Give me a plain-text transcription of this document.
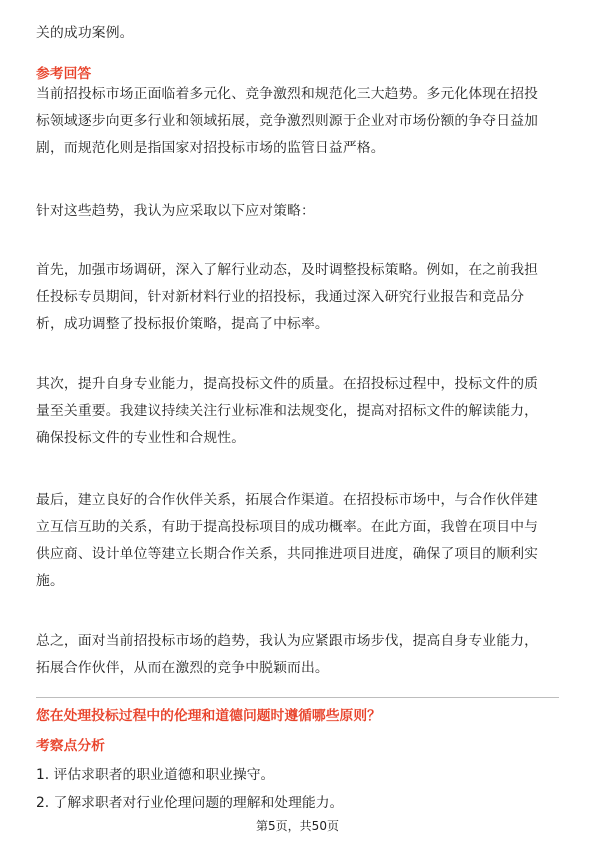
关的成功案例。

参考回答

当前招投标市场正面临着多元化、竞争激烈和规范化三大趋势。多元化体现在招投
标领域逐步向更多行业和领域拓展，竞争激烈则源于企业对市场份额的争夺日益加
剧，而规范化则是指国家对招投标市场的监管日益严格。

针对这些趋势，我认为应采取以下应对策略：

首先，加强市场调研，深入了解行业动态，及时调整投标策略。例如，在之前我担
任投标专员期间，针对新材料行业的招投标，我通过深入研究行业报告和竞品分
析，成功调整了投标报价策略，提高了中标率。

其次，提升自身专业能力，提高投标文件的质量。在招投标过程中，投标文件的质
量至关重要。我建议持续关注行业标准和法规变化，提高对招标文件的解读能力，
确保投标文件的专业性和合规性。

最后，建立良好的合作伙伴关系，拓展合作渠道。在招投标市场中，与合作伙伴建
立互信互助的关系，有助于提高投标项目的成功概率。在此方面，我曾在项目中与
供应商、设计单位等建立长期合作关系，共同推进项目进度，确保了项目的顺利实
施。

总之，面对当前招投标市场的趋势，我认为应紧跟市场步伐，提高自身专业能力，
拓展合作伙伴，从而在激烈的竞争中脱颖而出。

您在处理投标过程中的伦理和道德问题时遵循哪些原则？

考察点分析

1. 评估求职者的职业道德和职业操守。

2. 了解求职者对行业伦理问题的理解和处理能力。

第5页，共50页
